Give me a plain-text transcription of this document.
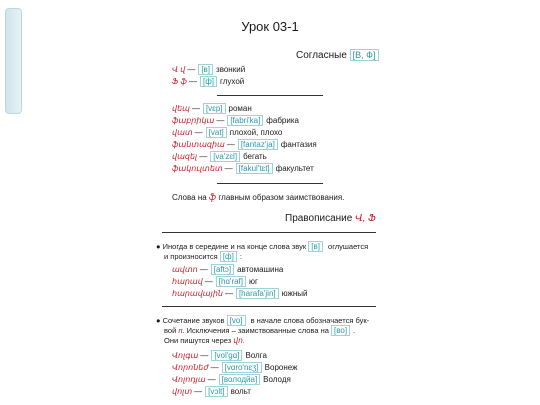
Урок 03-1
Согласные [В, Ф]
Վ վ — [в] звонкий
Ֆ ֆ — [ф] глухой
վեպ — [vɛp] роман
ֆաբրիկա — [fabri'ka] фабрика
վատ — [vat] плохой, плохо
ֆանտազիա — [fantaz'ja] фантазия
վազել — [va'zɛl] бегать
ֆակուլտետ — [fakul'tɛt] факультет
Слова на ֆ главным образом заимствования.
Правописание Վ, Ֆ
● Иногда в середине и на конце слова звук [в] оглушается
и произносится [ф] :
ավտո — [aftɔ] автомашина
հարավ — [hɑ'raf] юг
հարավային — [harafa'jin] южный
● Сочетание звуков [vo] в начале слова обозначается бук-
вой п. Исключения – заимствованные слова на [во] .
Они пишутся через վո.
Վոլգա — [vol'gɑ] Волга
Վորոնեժ — [vɑro'nɛʒ] Воронеж
Վոլոդյա — [володйа] Володя
վոլտ — [vɔlt] вольт
